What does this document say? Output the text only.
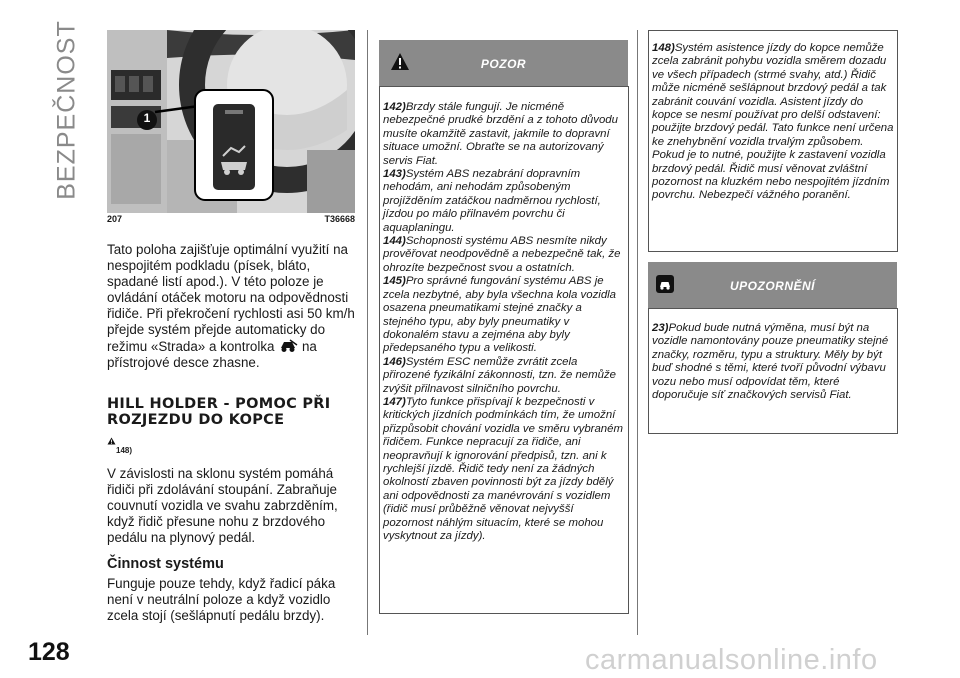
BEZPEČNOST
128
1
207	T36668
Tato poloha zajišťuje optimální využití na nespojitém podkladu (písek, bláto, spadané listí apod.). V této poloze je ovládání otáček motoru na odpovědnosti řidiče. Při překročení rychlosti asi 50 km/h přejde systém přejde automaticky do režimu «Strada» a kontrolka na přístrojové desce zhasne.
HILL HOLDER - POMOC PŘI ROZJEZDU DO KOPCE
148)
V závislosti na sklonu systém pomáhá řidiči při zdolávání stoupání. Zabraňuje couvnutí vozidla ve svahu zabrzděním, když řidič přesune nohu z brzdového pedálu na plynový pedál.
Činnost systému
Funguje pouze tehdy, když řadicí páka není v neutrální poloze a když vozidlo zcela stojí (sešlápnutí pedálu brzdy).
POZOR

142)Brzdy stále fungují. Je nicméně nebezpečné prudké brzdění a z tohoto důvodu musíte okamžitě zastavit, jakmile to dopravní situace umožní. Obraťte se na autorizovaný servis Fiat.

143)Systém ABS nezabrání dopravním nehodám, ani nehodám způsobeným projížděním zatáčkou nadměrnou rychlostí, jízdou po málo přilnavém povrchu či aquaplaningu.

144)Schopnosti systému ABS nesmíte nikdy prověřovat neodpovědně a nebezpečně tak, že ohrozíte bezpečnost svou a ostatních.

145)Pro správné fungování systému ABS je zcela nezbytné, aby byla všechna kola vozidla osazena pneumatikami stejné značky a stejného typu, aby byly pneumatiky v dokonalém stavu a zejména aby byly předepsaného typu a velikosti.

146)Systém ESC nemůže zvrátit zcela přirozené fyzikální zákonnosti, tzn. že nemůže zvýšit přilnavost silničního povrchu.

147)Tyto funkce přispívají k bezpečnosti v kritických jízdních podmínkách tím, že umožní přizpůsobit chování vozidla ve směru vybraném řidičem. Funkce nepracují za řidiče, ani neopravňují k ignorování předpisů, tzn. ani k rychlejší jízdě. Řidič tedy není za žádných okolností zbaven povinnosti být za jízdy bdělý ani odpovědnosti za manévrování s vozidlem (řidič musí průběžně věnovat nejvyšší pozornost náhlým situacím, které se mohou vyskytnout za jízdy).

148)Systém asistence jízdy do kopce nemůže zcela zabránit pohybu vozidla směrem dozadu ve všech případech (strmé svahy, atd.) Řidič může nicméně sešlápnout brzdový pedál a tak zabránit couvání vozidla. Asistent jízdy do kopce se nesmí používat pro delší odstavení: použijte brzdový pedál. Tato funkce není určena ke znehybnění vozidla trvalým způsobem. Pokud je to nutné, použijte k zastavení vozidla brzdový pedál. Řidič musí věnovat zvláštní pozornost na kluzkém nebo nespojitém jízdním povrchu. Nebezpečí vážného poranění.
UPOZORNĚNÍ
23)Pokud bude nutná výměna, musí být na vozidle namontovány pouze pneumatiky stejné značky, rozměru, typu a struktury. Měly by být buď shodné s těmi, které tvoří původní výbavu vozu nebo musí odpovídat těm, které doporučuje síť značkových servisů Fiat.
carmanualsonline.info
